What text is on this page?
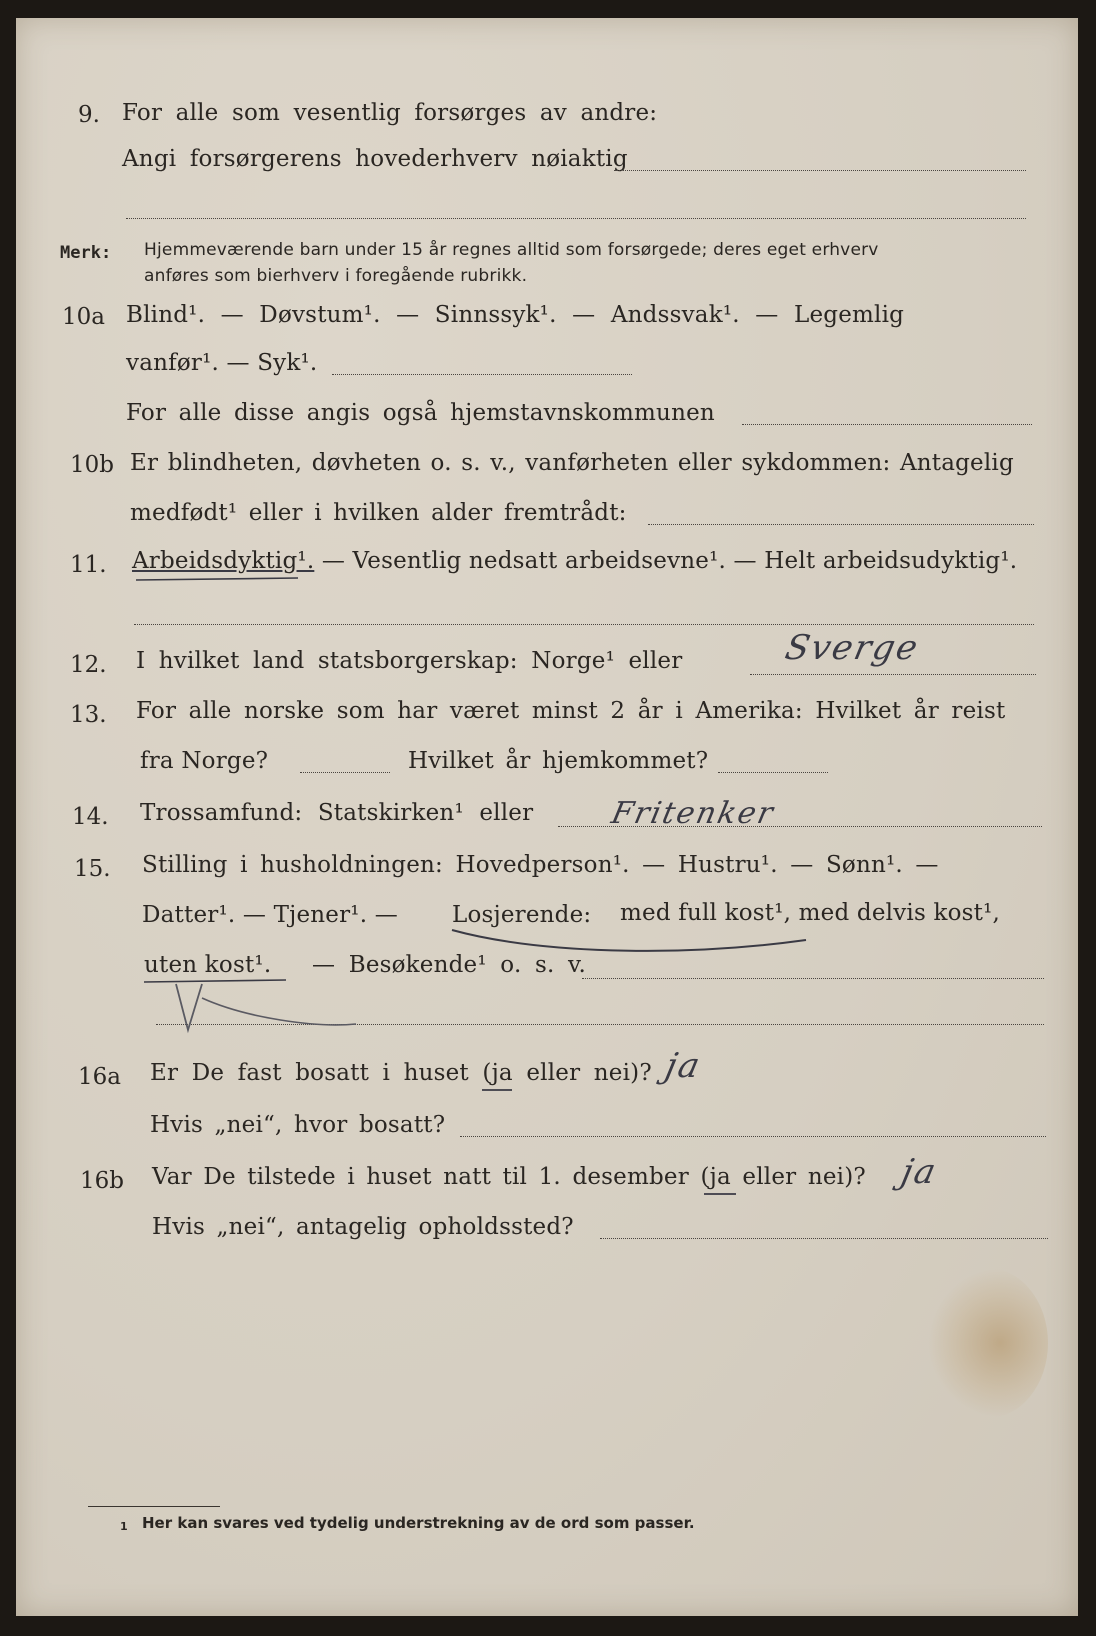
9. For alle som vesentlig forsørges av andre:
Angi forsørgerens hovederhverv nøiaktig
Merk: Hjemmeværende barn under 15 år regnes alltid som forsørgede; deres eget erhverv
anføres som bierhverv i foregående rubrikk.
10a Blind¹. — Døvstum¹. — Sinnssyk¹. — Andssvak¹. — Legemlig
vanfør¹. — Syk¹.
For alle disse angis også hjemstavnskommunen
10b Er blindheten, døvheten o. s. v., vanførheten eller sykdommen: Antagelig
medfødt¹ eller i hvilken alder fremtrådt:
11. Arbeidsdyktig¹. — Vesentlig nedsatt arbeidsevne¹. — Helt arbeidsudyktig¹.
12. I hvilket land statsborgerskap: Norge¹ eller	Sverge
13. For alle norske som har været minst 2 år i Amerika: Hvilket år reist
fra Norge?	Hvilket år hjemkommet?
14. Trossamfund: Statskirken¹ eller Fritenker
15. Stilling i husholdningen: Hovedperson¹. — Hustru¹. — Sønn¹. —
Datter¹. — Tjener¹. — Losjerende: med full kost¹, med delvis kost¹,
uten kost¹. — Besøkende¹ o. s. v.
16a Er De fast bosatt i huset (ja eller nei)? ja
Hvis „nei“, hvor bosatt?
16b Var De tilstede i huset natt til 1. desember (ja eller nei)? ja
Hvis „nei“, antagelig opholdssted?
1 Her kan svares ved tydelig understrekning av de ord som passer.
